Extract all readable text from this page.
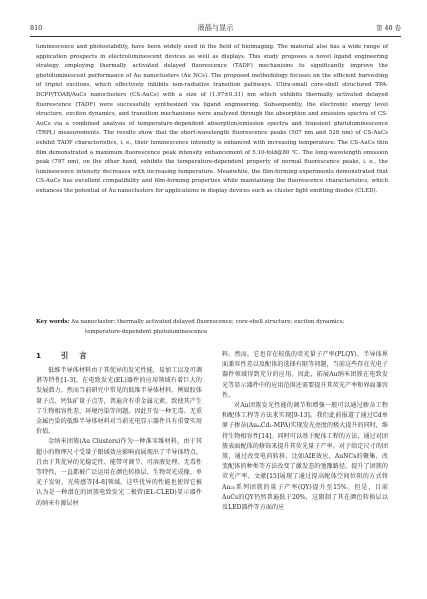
810	液晶与显示	第 40 卷

luminescence and photostability, have been widely used in the field of bioimaging. The material also has a wide range of application prospects in electroluminescent devices as well as displays. This study proposes a novel ligand engineering strategy employing thermally activated delayed fluorescence (TADF) mechanisms to significantly improve the photoluminescent performance of Au nanoclusters (Au NCs). The proposed methodology focuses on the efficient harvesting of triplet excitons, which effectively inhibits non-radiative transition pathways. Ultra-small core-shell structured TPA-DCPP/TOAB/AuCs nanoclusters (CS-AuCs) with a size of (1.97±0.31) nm which exhibits thermally activated delayed fluorescence (TADF) were successfully synthesized via ligand engineering. Subsequently, the electronic energy level structure, exciton dynamics, and transition mechanisms were analyzed through the absorption and emission spectra of CS-AuCs via a combined analysis of temperature-dependent absorption/emission spectra and transient photoluminescence (TRPL) measurements. The results show that the short-wavelength fluorescence peaks (507 nm and 528 nm) of CS-AuCs exhibit TADF characteristics, i. e., their luminescence intensity is enhanced with increasing temperature. The CS-AuCs thin film demonstrated a maximum fluorescence peak intensity enhancement of 5.10-fold@80 ℃. The long-wavelength emission peak (797 nm), on the other hand, exhibits the temperature-dependent property of normal fluorescence peaks, i. e., the luminescence intensity decreases with increasing temperature. Meanwhile, the film-forming experiments demonstrated that CS-AuCs has excellent compatibility and film-forming properties while maintaining the fluorescence characteristics, which enhances the potential of Au nanoclusters for applications in display devices such as cluster light emitting diodes (CLED).

Key words: Au nanocluster; thermally activated delayed fluorescence; core-shell structure; exciton dynamics;
temperature-dependent photoluminescence

1	引　言

低维半导体材料由于其优异的发光性能，易加工以及可调谐等特性[1-3]，在电致发光(EL)器件的应用领域有着巨大的发展潜力。然而当前研究中常见的低维半导体材料，例如胶体量子点、钙钛矿量子点等，普遍含有重金属元素，致使其产生了生物相容性差、环境污染等问题。因此开发一种无毒、无重金属污染的低维半导体材料对当前光电显示器件具有重要实用价值。

金纳米团簇(Au Clusters)作为一种准零维材料，由于其超小的物理尺寸受量子限域效应影响而展现出了半导体特点，且由于其优异的光稳定性、能带可调节、可溶液处理、无毒性等特性，一直都被广泛运用在颜色转换层、生物荧光成像、单光子发射、光传感等[4-8]领域。这些优异的性能也使得它被认为是一种潜在的团簇电致发光二极管(EL-CLED)显示器件的纳米有源层材

料。然而，它也存在较低的荧光量子产率(PLQY)、半导体界面兼容性差以及配体的选择有限等问题，当前这些存在光电子器件领域得到充分的应用。因此，拓展Au纳米团簇在电致发光等显示器件中的应用范围还需要提升其荧光产率和界面兼容性。

对Au团簇发光性能的调节和增强一般可以通过掺杂工程和配体工程等方法来实现[9-13]。我们此前报道了通过Cd单原子掺杂(AuₘCd₁-MPA)实现发光亮度的极大提升的同时，维持生物相容性[14]。同时可以基于配体工程的方法，通过对团簇表面配体的修饰来提升其荧光量子产率。对于给定尺寸的团簇，通过改变电荷转移，比如AIE效应、AuNCs的聚集、改变配体的种类等方法改变了激发态的弛豫路径，提升了团簇的荧光产率。文献[15]展现了通过提高配体空间位阻的方式将Au₂₅系列团簇的量子产率(QY)提升至15%。但是，目前AuCs的QY仍然普遍低于20%，这限制了其在颜色转换层以及LED器件等方面的应
